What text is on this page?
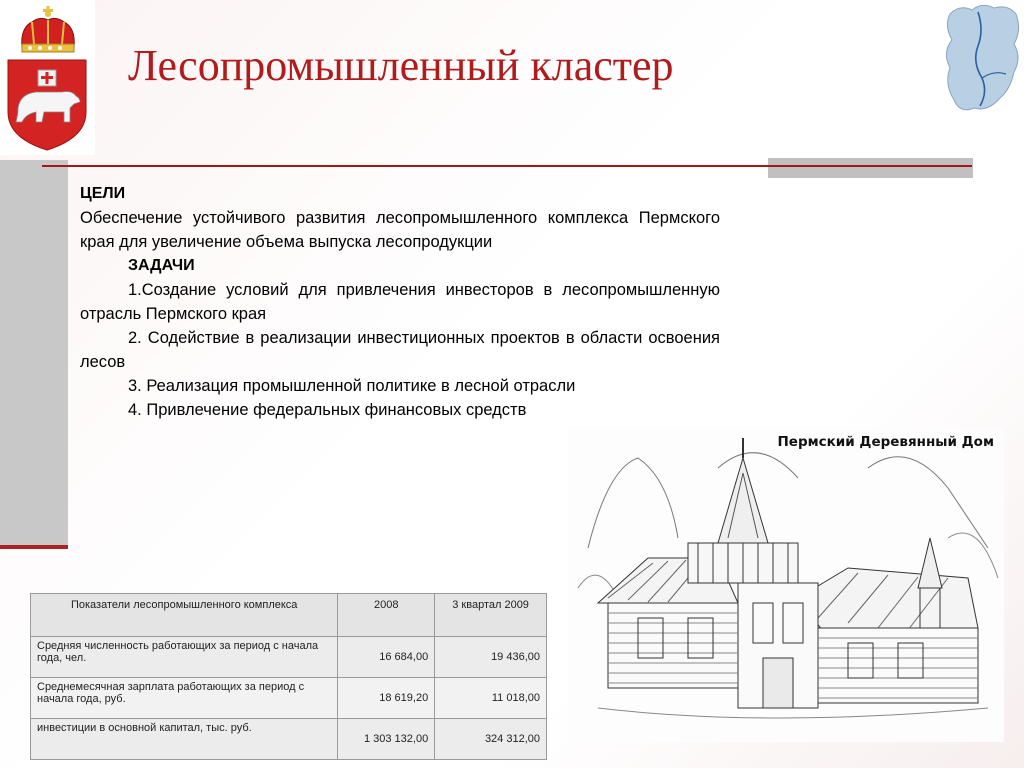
Лесопромышленный кластер

ЦЕЛИ

Обеспечение устойчивого развития лесопромышленного комплекса Пермского края для увеличение объема выпуска лесопродукции

ЗАДАЧИ

1.Создание условий для привлечения инвесторов в лесопромышленную отрасль Пермского края

2. Содействие в реализации инвестиционных проектов в области освоения лесов

3. Реализация промышленной политике в лесной отрасли

4. Привлечение федеральных финансовых средств

Пермский Деревянный Дом
Показатели лесопромышленного комплекса	2008	3 квартал 2009
Средняя численность работающих за период с начала года, чел.	16 684,00	19 436,00
Среднемесячная зарплата работающих за период с начала года, руб.	18 619,20	11 018,00
инвестиции в основной капитал, тыс. руб.	1 303 132,00	324 312,00
